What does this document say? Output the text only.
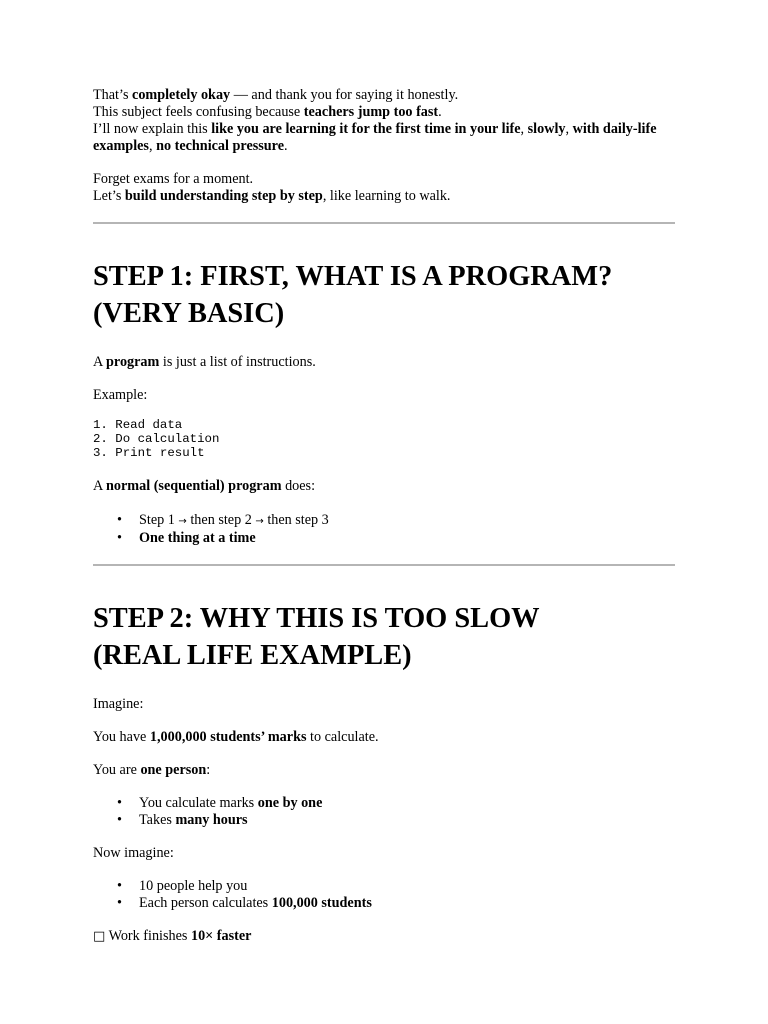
That’s completely okay — and thank you for saying it honestly.

This subject feels confusing because teachers jump too fast.

I’ll now explain this like you are learning it for the first time in your life, slowly, with daily-life examples, no technical pressure.

Forget exams for a moment.

Let’s build understanding step by step, like learning to walk.

STEP 1: FIRST, WHAT IS A PROGRAM?
(VERY BASIC)

A program is just a list of instructions.

Example:

1. Read data
2. Do calculation
3. Print result

A normal (sequential) program does:

• Step 1 → then step 2 → then step 3
• One thing at a time
STEP 2: WHY THIS IS TOO SLOW
(REAL LIFE EXAMPLE)

Imagine:

You have 1,000,000 students’ marks to calculate.

You are one person:

• You calculate marks one by one
• Takes many hours

Now imagine:

• 10 people help you
• Each person calculates 100,000 students

□ Work finishes 10× faster
